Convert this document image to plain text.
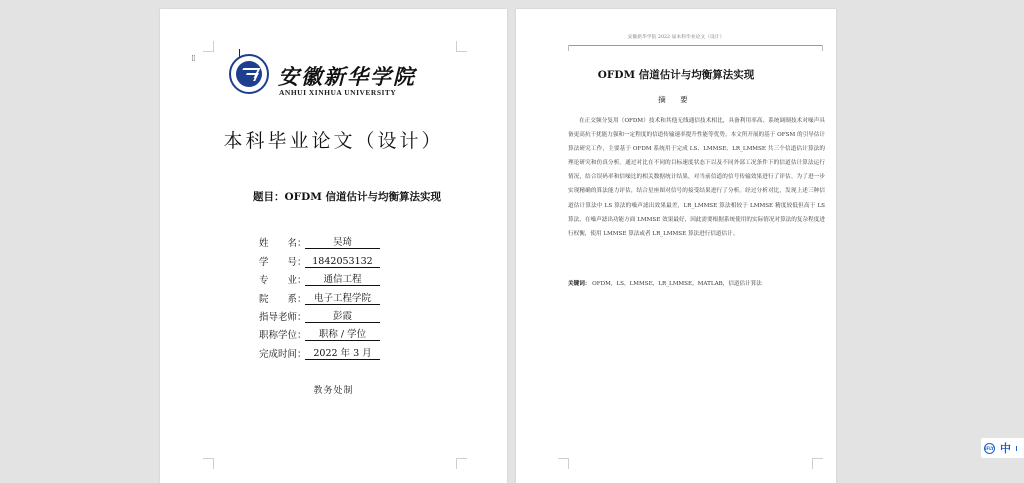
⁞⁞
安徽新华学院
ANHUI XINHUA UNIVERSITY
本科毕业论文（设计）
题目：OFDM 信道估计与均衡算法实现
姓　　名：	吴琦
学　　号： 1842053132
专　　业：	通信工程
院　　系： 电子工程学院
指导老师：	彭霞
职称学位：	职称 / 学位
完成时间： 2022 年 3 月
教务处制
安徽新华学院 2022 届本科毕业论文（设计）
OFDM 信道估计与均衡算法实现
摘 要
在正交频分复用（OFDM）技术和其他无线通信技术相比，具备利用率高、系统调制技术对噪声具备更高抗干扰能力强和一定程度的信道传输速率提升性能等优势。本文所开展的基于 OFSM 的引导估计算法研究工作，主要基于 OFDM 系统用于完成 LS、LMMSE、LR_LMMSE 共三个信道估计算法的理论研究和仿真分析。通过对比在不同的目标速度状态下以及不同外部工况条件下的信道估计算法运行情况，结合误码率和信噪比的相关数据统计结果，对当前信道的信号传输效果进行了评估。为了进一步实现精确的算法能力评估，结合星座图对信号的接受结果进行了分析。经过分析对比，发现上述三种信道估计算法中 LS 算法的噪声滤出效果最差，LR_LMMSE 算法相较于 LMMSE 精度较低但高于 LS 算法，在噪声滤出功能方面 LMMSE 效果最好，因此需要根据系统使用的实际情况对算法的复杂程度进行权衡，使用 LMMSE 算法或者 LR_LMMSE 算法进行信道估计。
关键词： OFDM，LS，LMMSE，LR_LMMSE，MATLAB，信道估计算法
iFLY 中
